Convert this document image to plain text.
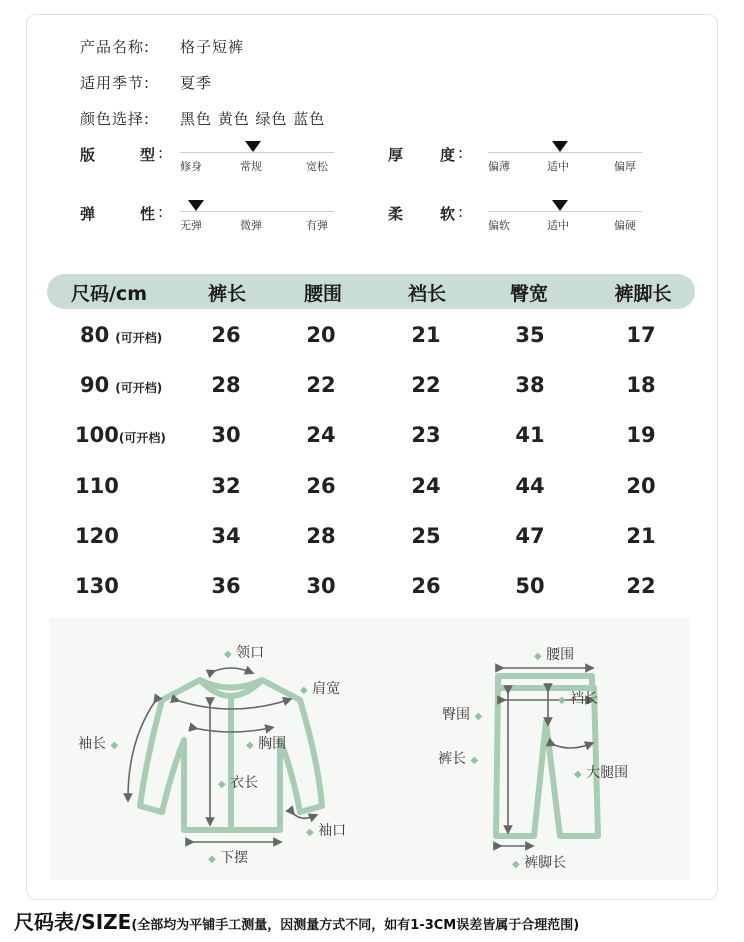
产品名称: 格子短裤
适用季节: 夏季
颜色选择: 黑色 黄色 绿色 蓝色
版	型 :
修身	常规	宽松
厚 度 :
偏薄	适中	偏厚
弹	性 :
无弹	微弹	有弹
柔 软 :
偏软	适中	偏硬
尺码/cm	裤长	腰围	裆长	臀宽	裤脚长
80 (可开档) 26	20	21	35	17
90 (可开档) 28	22	22	38	18
100(可开档) 30	24	23	41	19
110	32	26	24	44	20
120	34	28	25	47	21
130	36	30	26	50	22
◆ 领口
◆ 肩宽
袖长 ◆	◆ 胸围
◆ 衣长
◆ 袖口
◆ 下摆
◆ 腰围
◆ 裆长
臀围 ◆
裤长 ◆
◆ 大腿围
◆ 裤脚长
尺码表/SIZE(全部均为平铺手工测量，因测量方式不同，如有1-3CM误差皆属于合理范围)
